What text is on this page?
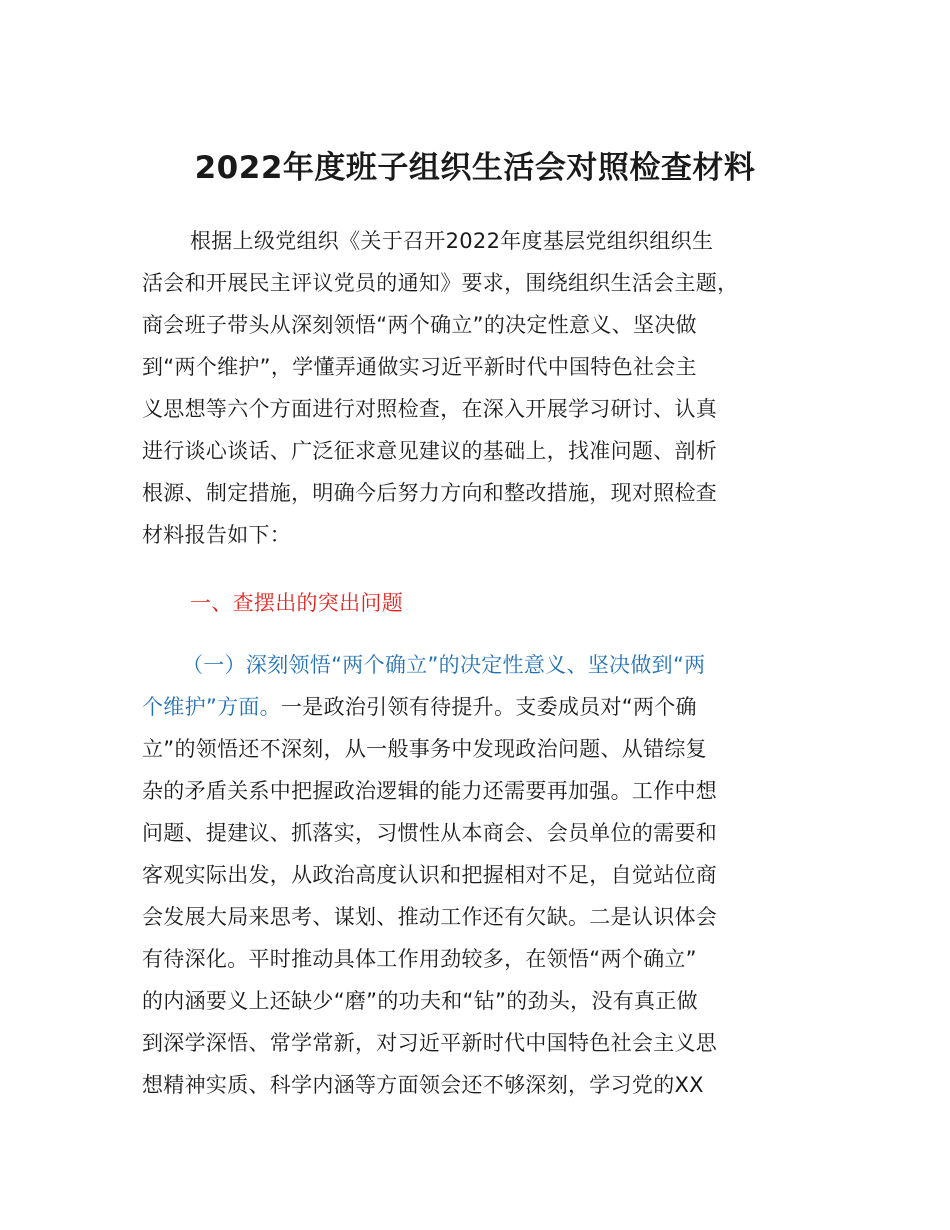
2022年度班子组织生活会对照检查材料
根据上级党组织《关于召开2022年度基层党组织组织生
活会和开展民主评议党员的通知》要求，围绕组织生活会主题，
商会班子带头从深刻领悟“两个确立”的决定性意义、坚决做
到“两个维护”，学懂弄通做实习近平新时代中国特色社会主
义思想等六个方面进行对照检查，在深入开展学习研讨、认真
进行谈心谈话、广泛征求意见建议的基础上，找准问题、剖析
根源、制定措施，明确今后努力方向和整改措施，现对照检查
材料报告如下：
一、查摆出的突出问题
（一）深刻领悟“两个确立”的决定性意义、坚决做到“两
个维护”方面。一是政治引领有待提升。支委成员对“两个确
立”的领悟还不深刻，从一般事务中发现政治问题、从错综复
杂的矛盾关系中把握政治逻辑的能力还需要再加强。工作中想
问题、提建议、抓落实，习惯性从本商会、会员单位的需要和
客观实际出发，从政治高度认识和把握相对不足，自觉站位商
会发展大局来思考、谋划、推动工作还有欠缺。二是认识体会
有待深化。平时推动具体工作用劲较多，在领悟“两个确立”
的内涵要义上还缺少“磨”的功夫和“钻”的劲头，没有真正做
到深学深悟、常学常新，对习近平新时代中国特色社会主义思
想精神实质、科学内涵等方面领会还不够深刻，学习党的XX
